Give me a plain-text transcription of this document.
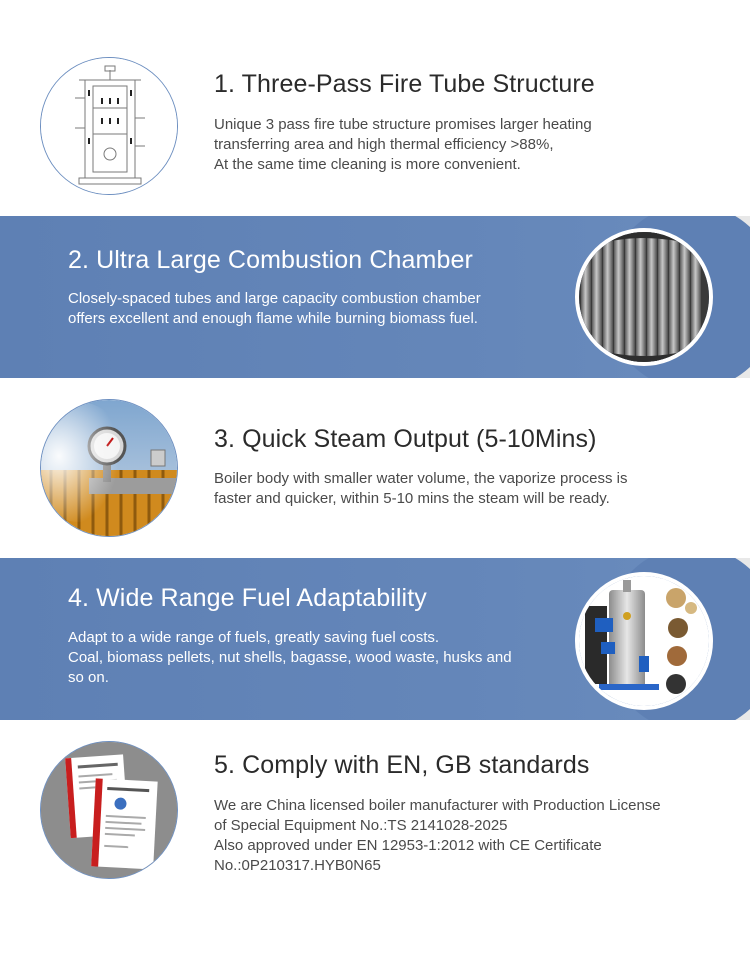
1. Three-Pass Fire Tube Structure

Unique 3 pass fire tube structure promises larger heating
transferring area and high thermal efficiency >88%,
At the same time cleaning is more convenient.

2. Ultra Large Combustion Chamber

Closely-spaced tubes and large capacity combustion chamber
offers excellent and enough flame while burning biomass fuel.

3. Quick Steam Output (5-10Mins)

Boiler body with smaller water volume, the vaporize process is
faster and quicker, within 5-10 mins the steam will be ready.

4. Wide Range Fuel Adaptability

Adapt to a wide range of fuels, greatly saving fuel costs.
Coal, biomass pellets, nut shells, bagasse, wood waste, husks and
so on.

5. Comply with EN, GB standards

We are China licensed boiler manufacturer with Production License
of Special Equipment No.:TS 2141028-2025
Also approved under EN 12953-1:2012 with CE Certificate
No.:0P210317.HYB0N65
